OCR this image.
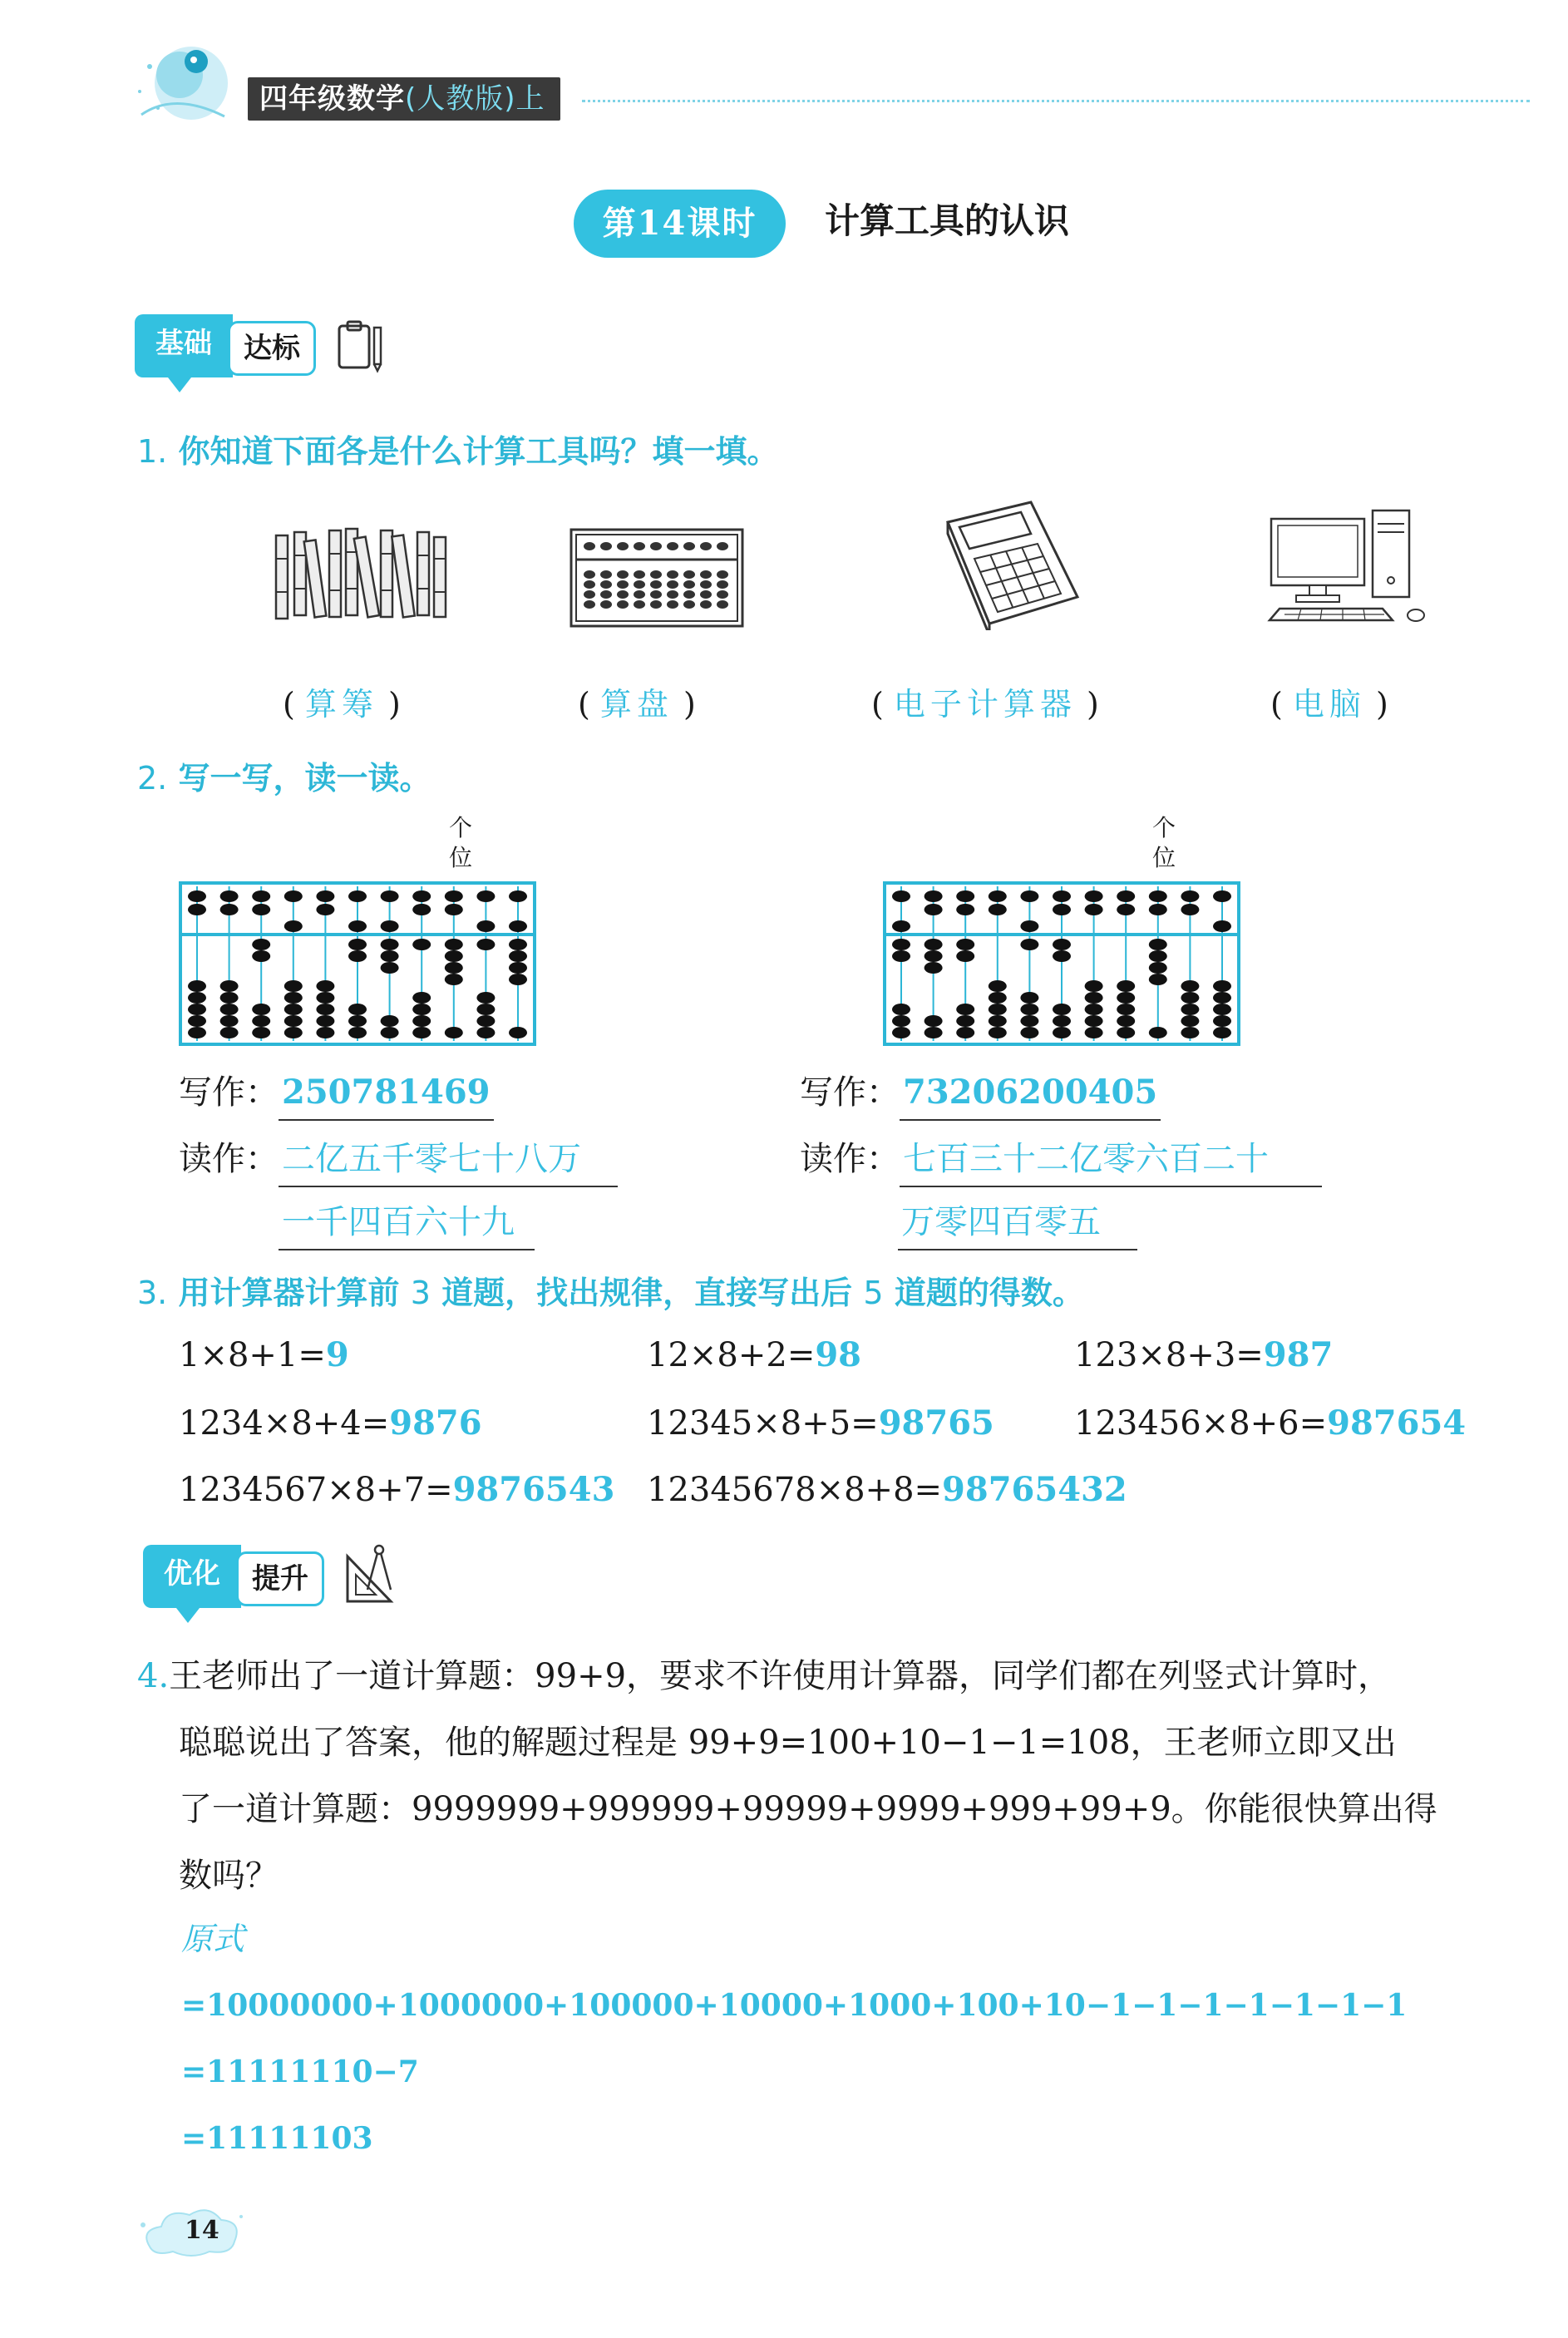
四年级数学(人教版)上
第14课时	计算工具的认识
基础	达标
1. 你知道下面各是什么计算工具吗？填一填。
( 算筹 )	( 算盘 )	( 电子计算器 )	( 电脑 )
2. 写一写，读一读。
个
位
个
位
写作： 250781469
读作： 二亿五千零七十八万
一千四百六十九
写作： 73206200405
读作： 七百三十二亿零六百二十
万零四百零五
3. 用计算器计算前 3 道题，找出规律，直接写出后 5 道题的得数。
1×8+1=9	12×8+2=98	123×8+3=987
1234×8+4=9876	12345×8+5=98765 123456×8+6=987654
1234567×8+7=9876543 12345678×8+8=98765432
优化	提升
4.王老师出了一道计算题：99+9，要求不许使用计算器，同学们都在列竖式计算时，
聪聪说出了答案，他的解题过程是 99+9=100+10−1−1=108，王老师立即又出
了一道计算题：9999999+999999+99999+9999+999+99+9。你能很快算出得
数吗？
原式
=10000000+1000000+100000+10000+1000+100+10−1−1−1−1−1−1−1
=11111110−7
=11111103
14
